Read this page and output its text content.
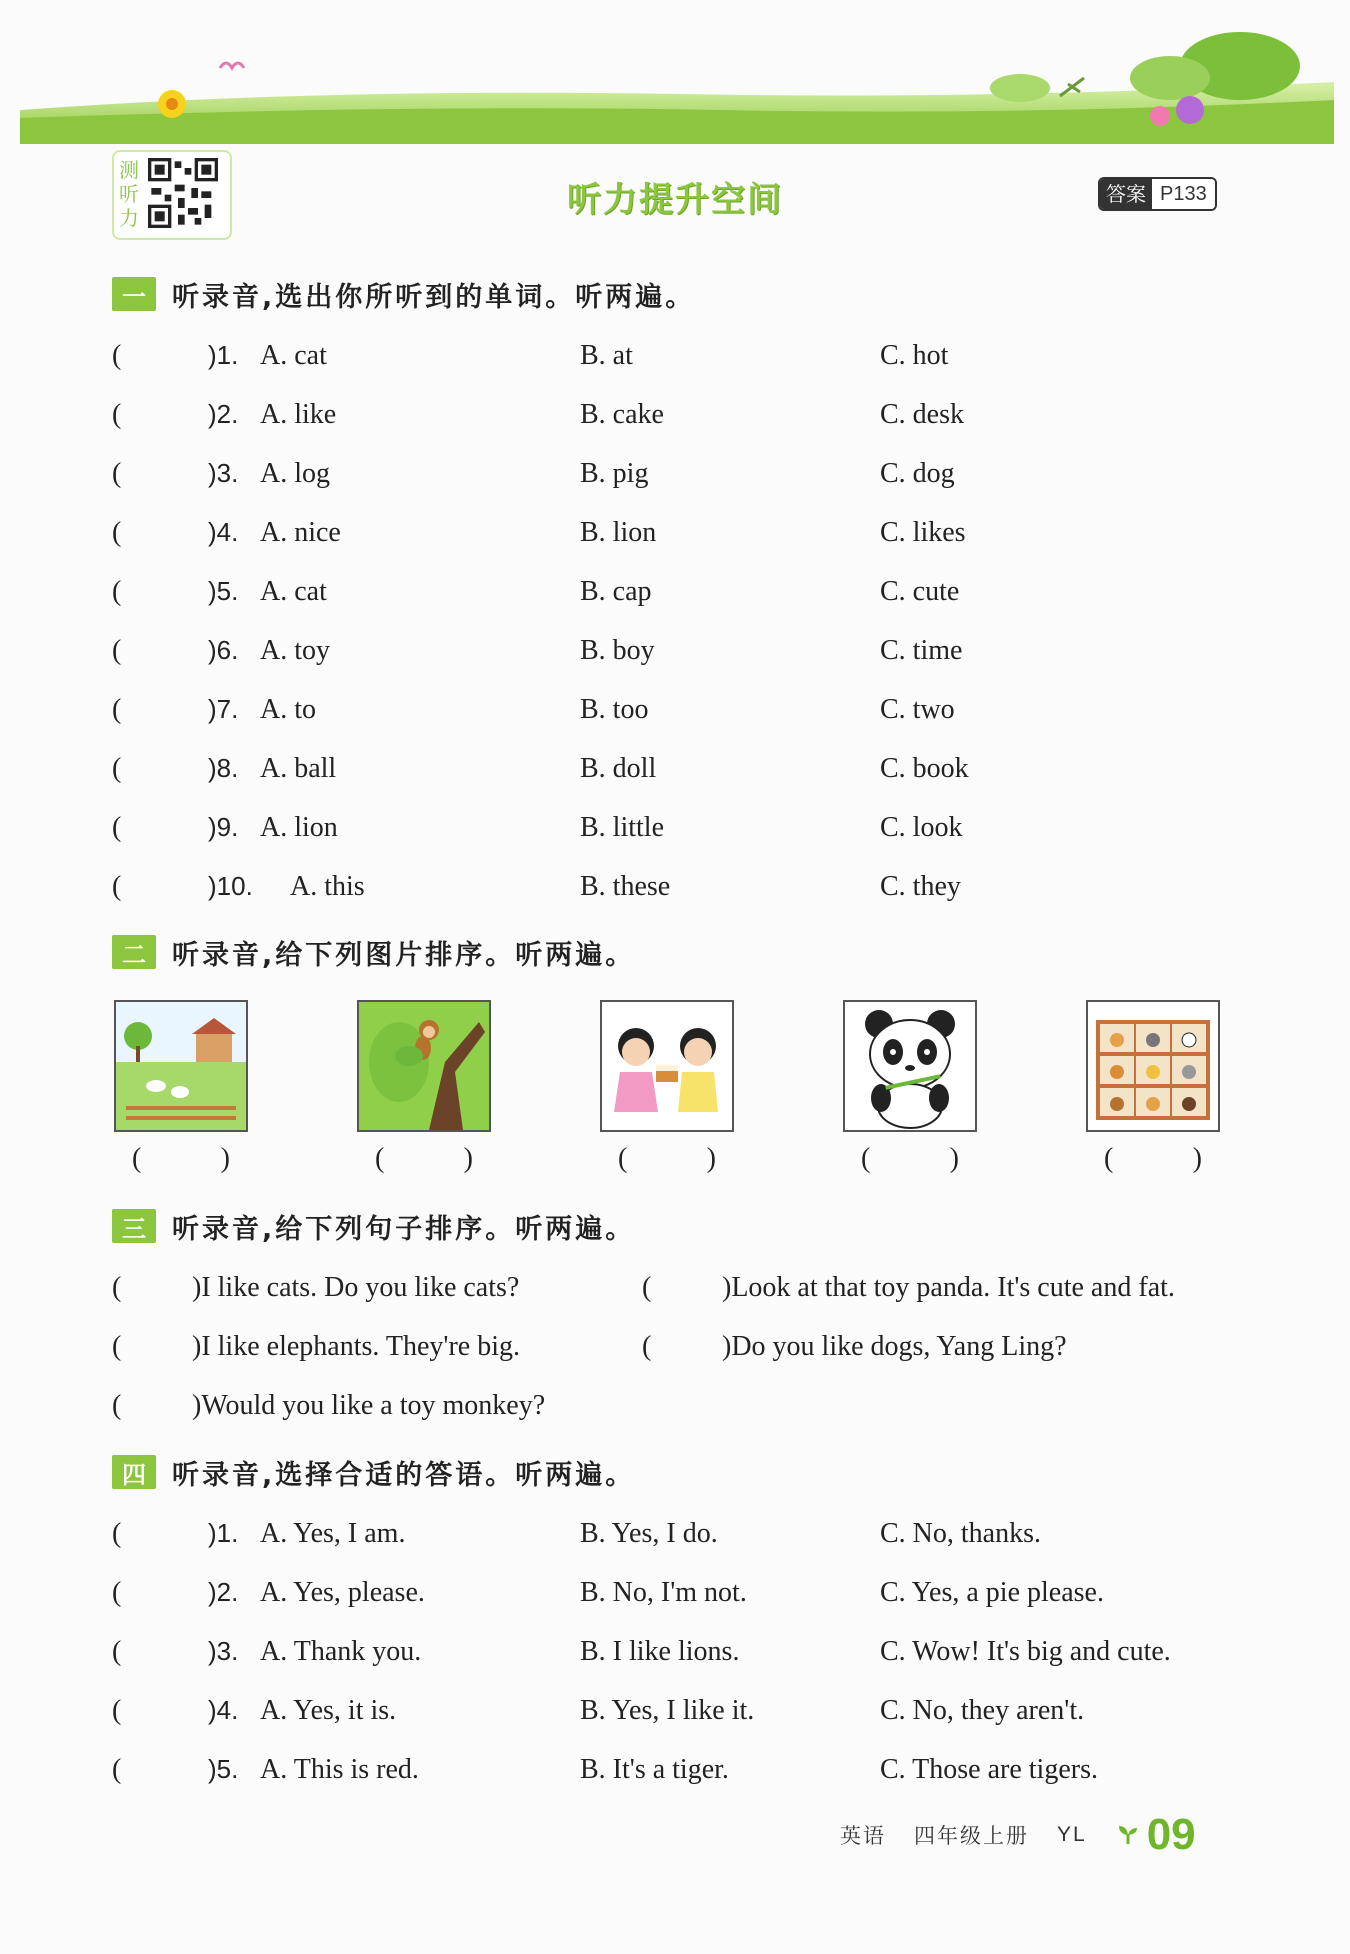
测听力	听力提升空间	答案 P133
一 听录音,选出你所听到的单词。听两遍。
(	)1. A. cat	B. at	C. hot
(	)2. A. like	B. cake	C. desk
(	)3. A. log	B. pig	C. dog
(	)4. A. nice	B. lion	C. likes
(	)5. A. cat	B. cap	C. cute
(	)6. A. toy	B. boy	C. time
(	)7. A. to	B. too	C. two
(	)8. A. ball	B. doll	C. book
(	)9. A. lion	B. little	C. look
(	)10. A. this	B. these	C. they
二 听录音,给下列图片排序。听两遍。
(	)	(	)	(	)	(	)	(	)
三 听录音,给下列句子排序。听两遍。
(	)I like cats. Do you like cats?	(	)Look at that toy panda. It's cute and fat.
(	)I like elephants. They're big.	(	)Do you like dogs, Yang Ling?
(	)Would you like a toy monkey?
四 听录音,选择合适的答语。听两遍。
(	)1. A. Yes, I am.	B. Yes, I do.	C. No, thanks.
(	)2. A. Yes, please.	B. No, I'm not.	C. Yes, a pie please.
(	)3. A. Thank you.	B. I like lions.	C. Wow! It's big and cute.
(	)4. A. Yes, it is.	B. Yes, I like it.	C. No, they aren't.
(	)5. A. This is red.	B. It's a tiger.	C. Those are tigers.
英语 四年级上册 YL 09
